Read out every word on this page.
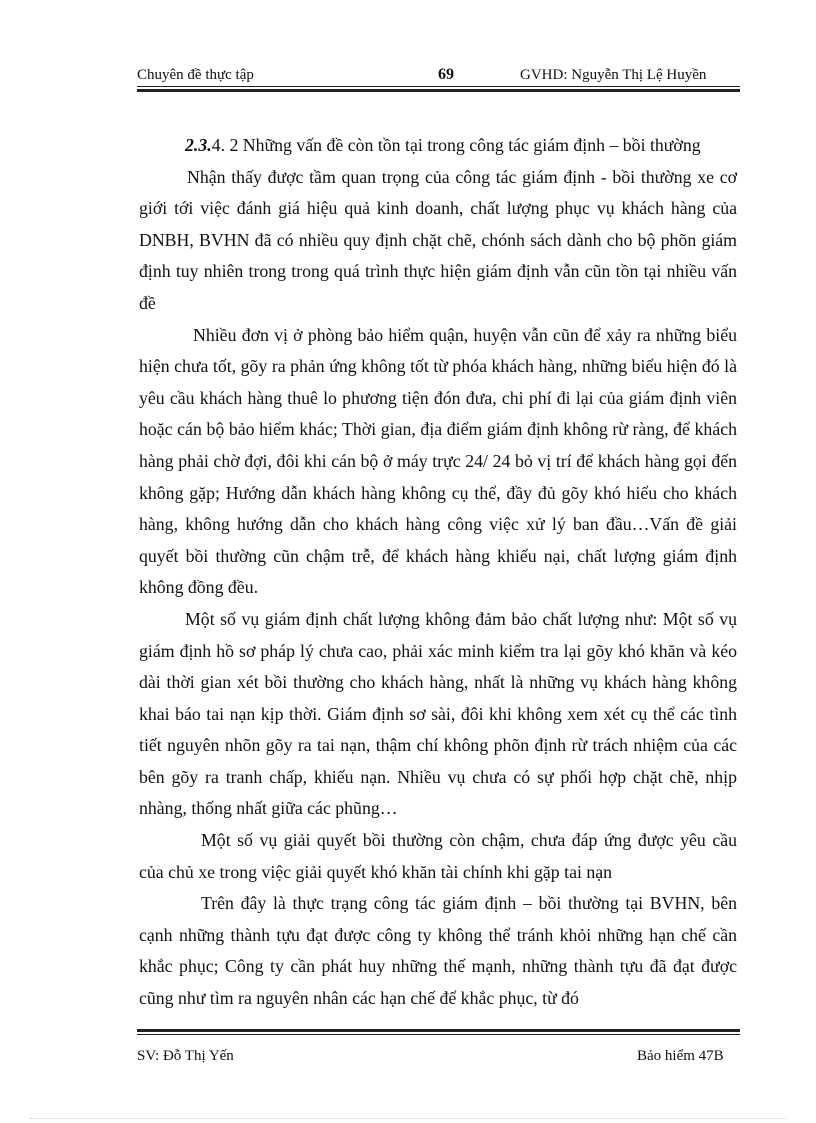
Chuyên đề thực tập	69	GVHD: Nguyễn Thị Lệ Huyền

2.3.4. 2 Những vấn đề còn tồn tại trong công tác giám định – bồi thường

Nhận thấy được tầm quan trọng của công tác giám định - bồi thường xe cơ giới tới việc đánh giá hiệu quả kinh doanh, chất lượng phục vụ khách hàng của DNBH, BVHN đã có nhiều quy định chặt chẽ, chónh sách dành cho bộ phõn giám định tuy nhiên trong trong quá trình thực hiện giám định vẫn cũn tồn tại nhiều vấn đề

Nhiều đơn vị ở phòng bảo hiểm quận, huyện vẫn cũn để xảy ra những biểu hiện chưa tốt, gõy ra phản ứng không tốt từ phóa khách hàng, những biểu hiện đó là yêu cầu khách hàng thuê lo phương tiện đón đưa, chi phí đi lại của giám định viên hoặc cán bộ bảo hiểm khác; Thời gian, địa điểm giám định không rừ ràng, để khách hàng phải chờ đợi, đôi khi cán bộ ở máy trực 24/ 24 bỏ vị trí để khách hàng gọi đến không gặp; Hướng dẫn khách hàng không cụ thể, đầy đủ gõy khó hiểu cho khách hàng, không hướng dẫn cho khách hàng công việc xử lý ban đầu…Vấn đề giải quyết bồi thường cũn chậm trễ, để khách hàng khiếu nại, chất lượng giám định không đồng đều.

Một số vụ giám định chất lượng không đảm bảo chất lượng như: Một số vụ giám định hồ sơ pháp lý chưa cao, phải xác minh kiểm tra lại gõy khó khăn và kéo dài thời gian xét bồi thường cho khách hàng, nhất là những vụ khách hàng không khai báo tai nạn kịp thời. Giám định sơ sài, đôi khi không xem xét cụ thể các tình tiết nguyên nhõn gõy ra tai nạn, thậm chí không phõn định rừ trách nhiệm của các bên gõy ra tranh chấp, khiếu nạn. Nhiều vụ chưa có sự phối hợp chặt chẽ, nhịp nhàng, thống nhất giữa các phũng…

Một số vụ giải quyết bồi thường còn chậm, chưa đáp ứng được yêu cầu của chủ xe trong việc giải quyết khó khăn tài chính khi gặp tai nạn

Trên đây là thực trạng công tác giám định – bồi thường tại BVHN, bên cạnh những thành tựu đạt được công ty không thể tránh khỏi những hạn chế cần khắc phục; Công ty cần phát huy những thế mạnh, những thành tựu đã đạt được cũng như tìm ra nguyên nhân các hạn chế để khắc phục, từ đó

SV: Đỗ Thị Yến	Bảo hiểm 47B
